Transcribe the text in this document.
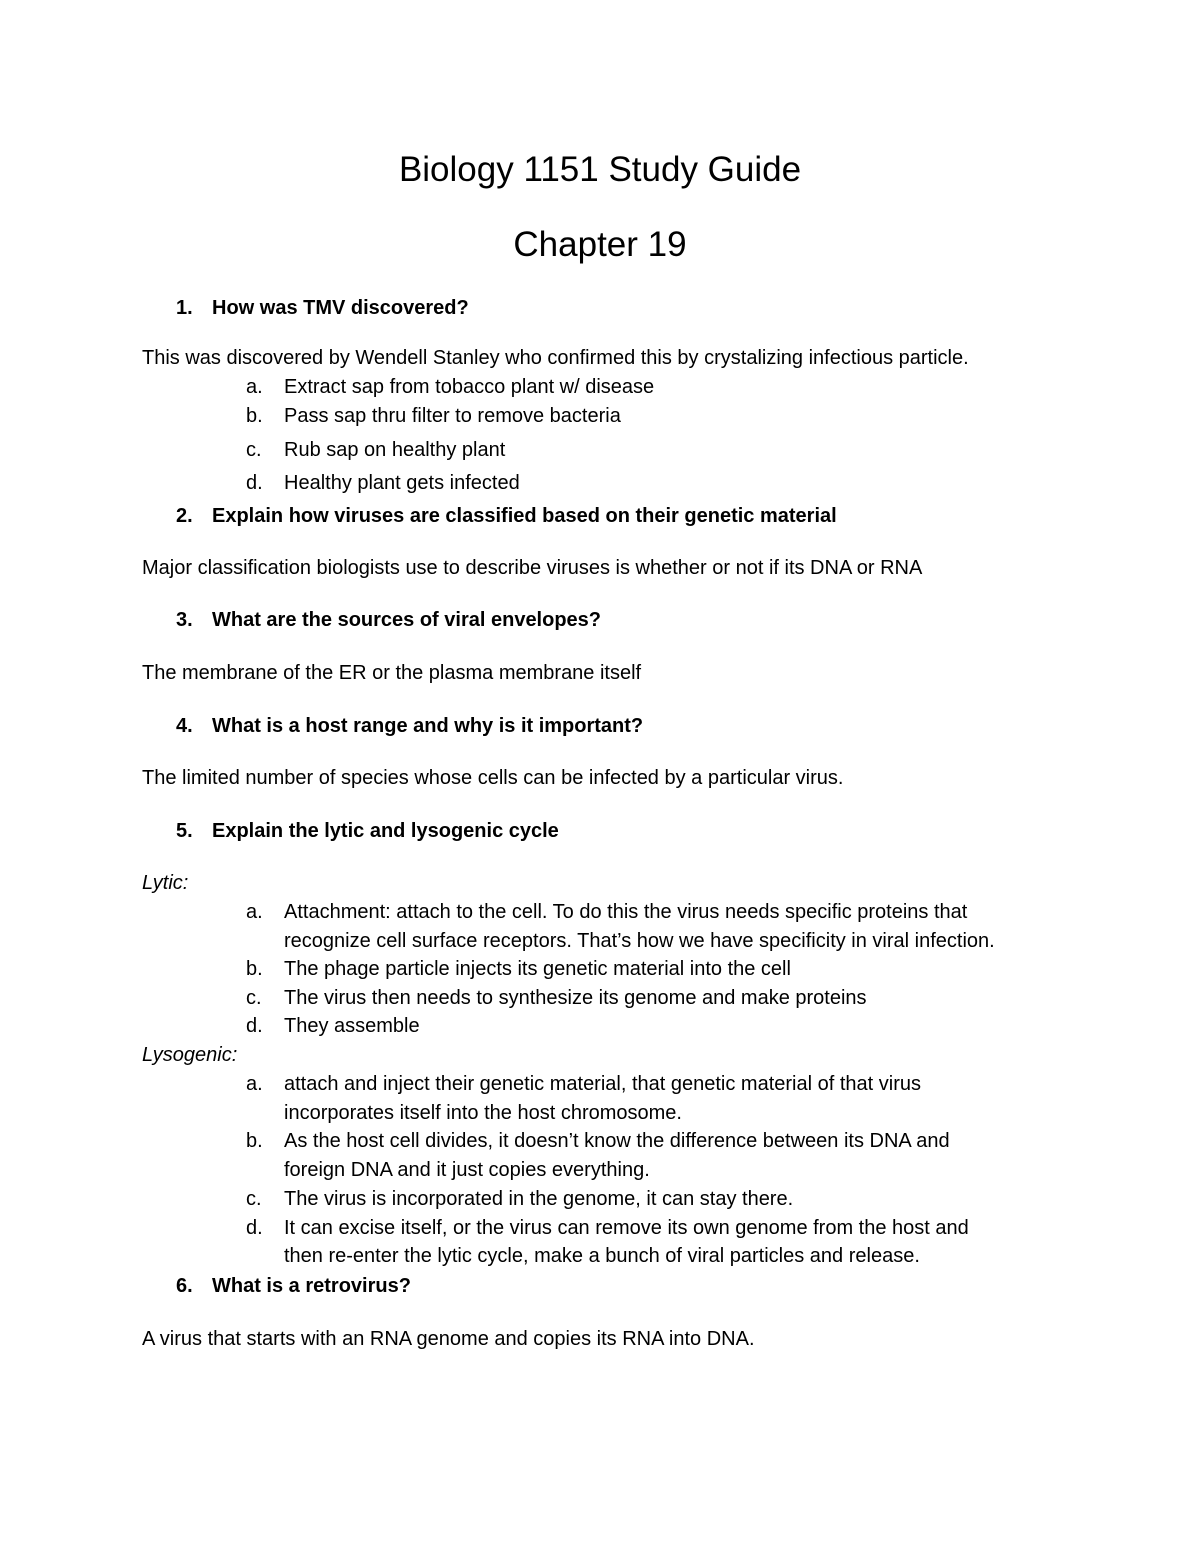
Biology 1151 Study Guide
Chapter 19
1. How was TMV discovered?
This was discovered by Wendell Stanley who confirmed this by crystalizing infectious particle.
a. Extract sap from tobacco plant w/ disease
b. Pass sap thru filter to remove bacteria
c. Rub sap on healthy plant
d. Healthy plant gets infected
2. Explain how viruses are classified based on their genetic material
Major classification biologists use to describe viruses is whether or not if its DNA or RNA
3. What are the sources of viral envelopes?
The membrane of the ER or the plasma membrane itself
4. What is a host range and why is it important?
The limited number of species whose cells can be infected by a particular virus.
5. Explain the lytic and lysogenic cycle
Lytic:
a. Attachment: attach to the cell. To do this the virus needs specific proteins that
recognize cell surface receptors. That’s how we have specificity in viral infection.
b. The phage particle injects its genetic material into the cell
c. The virus then needs to synthesize its genome and make proteins
d. They assemble
Lysogenic:
a. attach and inject their genetic material, that genetic material of that virus
incorporates itself into the host chromosome.
b. As the host cell divides, it doesn’t know the difference between its DNA and
foreign DNA and it just copies everything.
c. The virus is incorporated in the genome, it can stay there.
d. It can excise itself, or the virus can remove its own genome from the host and
then re-enter the lytic cycle, make a bunch of viral particles and release.
6. What is a retrovirus?
A virus that starts with an RNA genome and copies its RNA into DNA.
